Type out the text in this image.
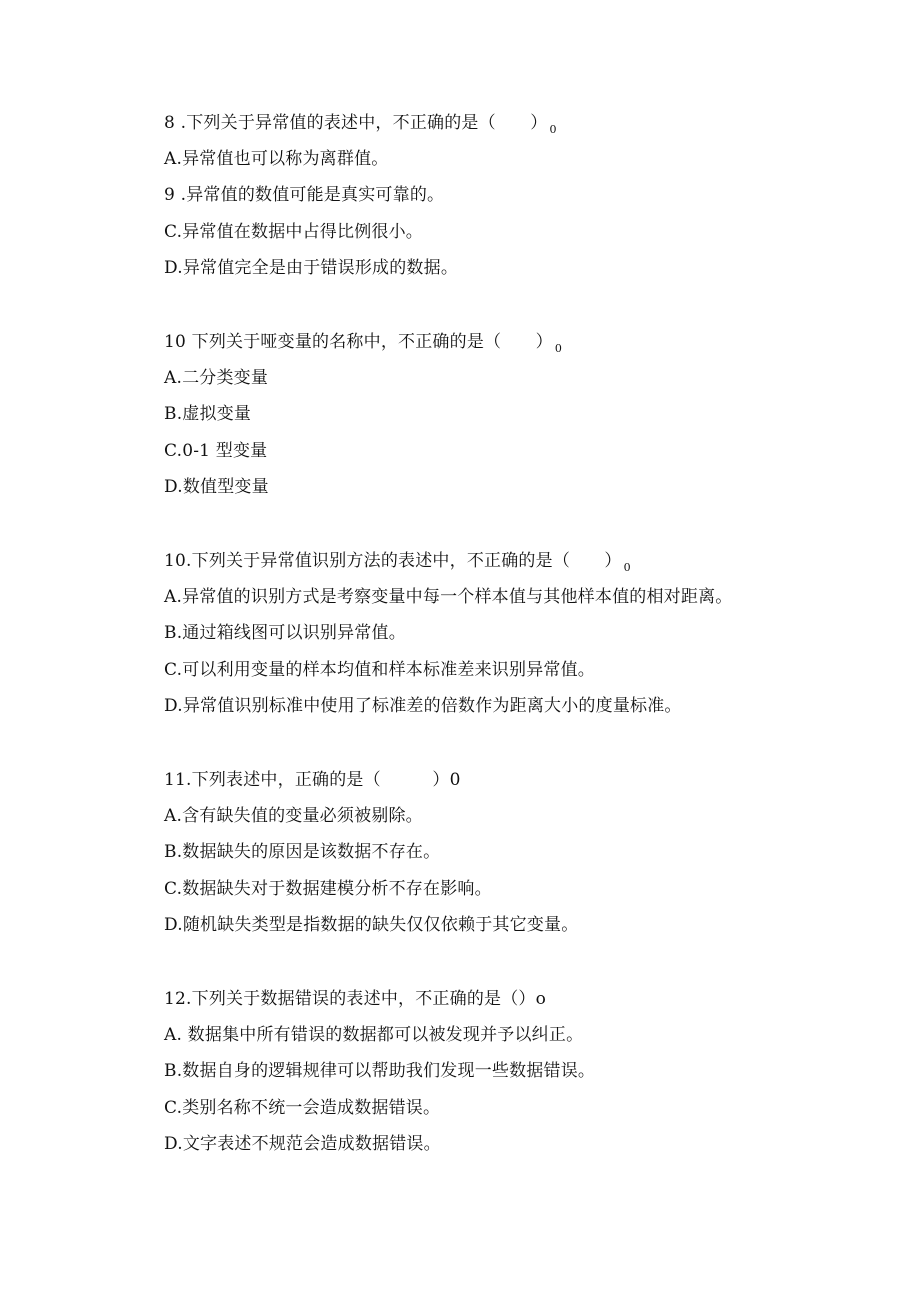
8 .下列关于异常值的表述中，不正确的是（　　） $_0$
A.异常值也可以称为离群值。
9 .异常值的数值可能是真实可靠的。
C.异常值在数据中占得比例很小。
D.异常值完全是由于错误形成的数据。
10 下列关于哑变量的名称中，不正确的是（　　） $_0$
A.二分类变量
B.虚拟变量
C.0-1 型变量
D.数值型变量
10.下列关于异常值识别方法的表述中，不正确的是（　　） $_0$
A.异常值的识别方式是考察变量中每一个样本值与其他样本值的相对距离。
B.通过箱线图可以识别异常值。
C.可以利用变量的样本均值和样本标准差来识别异常值。
D.异常值识别标准中使用了标准差的倍数作为距离大小的度量标准。
11.下列表述中，正确的是（　　　）0
A.含有缺失值的变量必须被剔除。
B.数据缺失的原因是该数据不存在。
C.数据缺失对于数据建模分析不存在影响。
D.随机缺失类型是指数据的缺失仅仅依赖于其它变量。
12.下列关于数据错误的表述中，不正确的是（）o
A. 数据集中所有错误的数据都可以被发现并予以纠正。
B.数据自身的逻辑规律可以帮助我们发现一些数据错误。
C.类别名称不统一会造成数据错误。
D.文字表述不规范会造成数据错误。
